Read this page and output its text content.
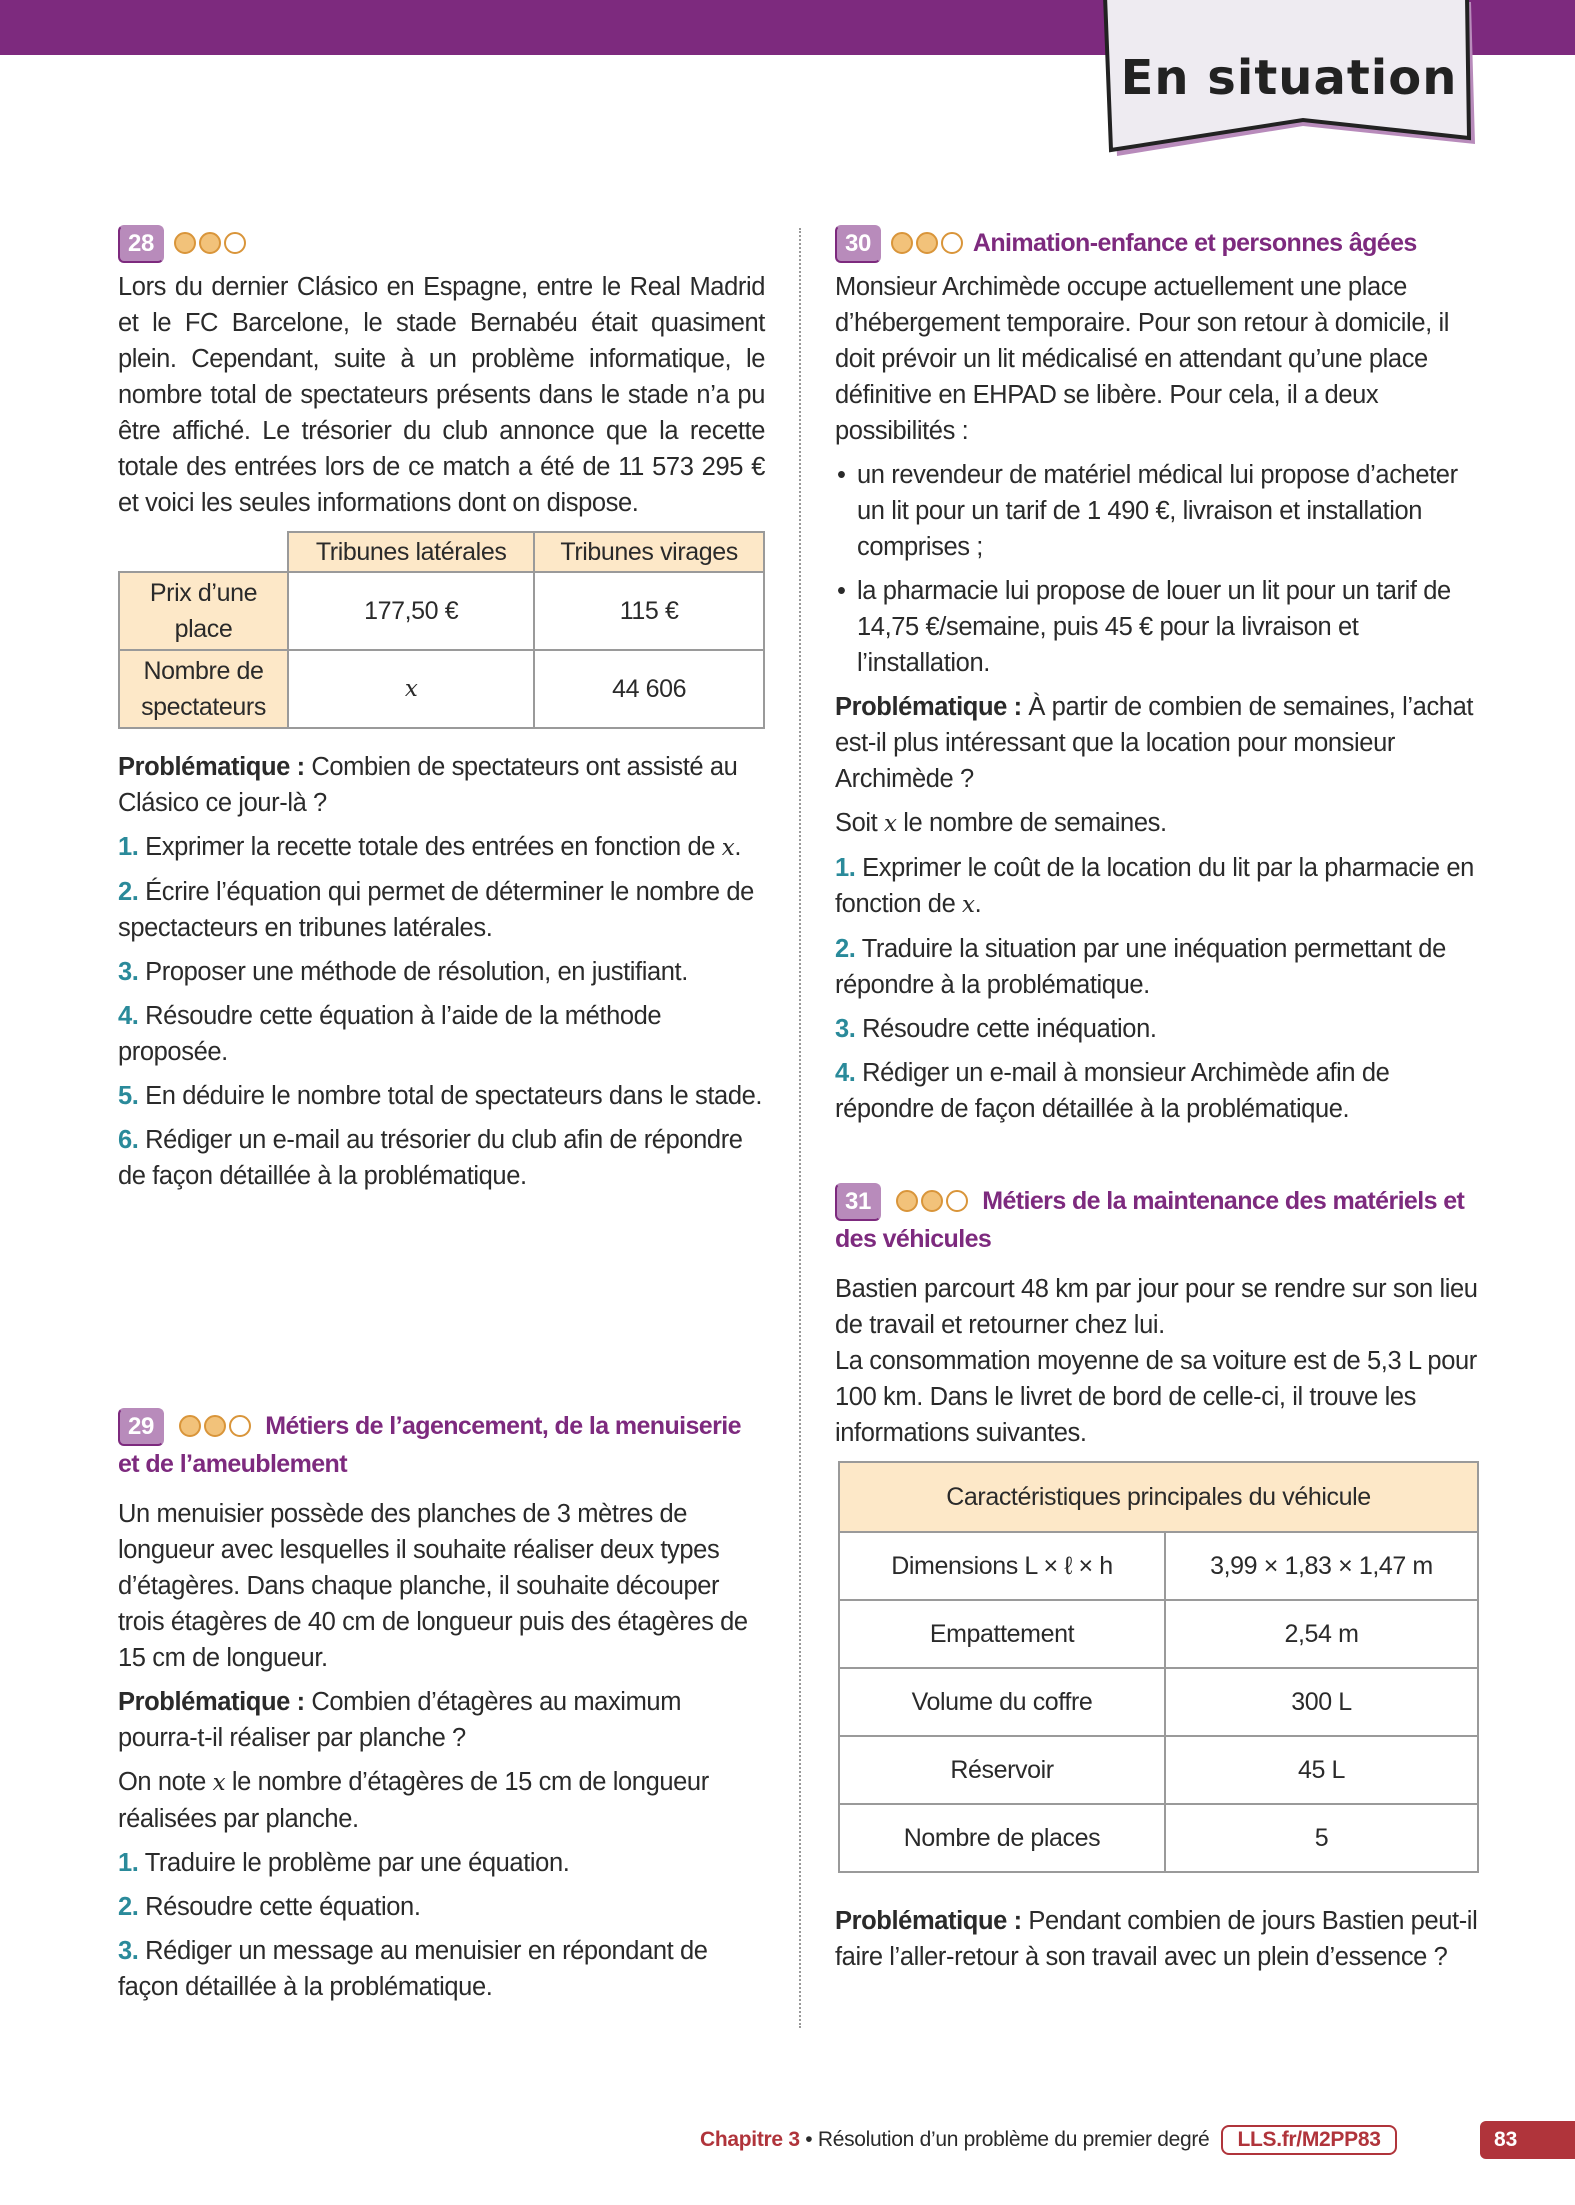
En situation
28

Lors du dernier Clásico en Espagne, entre le Real Madrid et le FC Barcelone, le stade Bernabéu était quasiment plein. Cependant, suite à un problème informatique, le nombre total de spectateurs présents dans le stade n’a pu être affiché. Le trésorier du club annonce que la recette totale des entrées lors de ce match a été de 11 573 295 € et voici les seules informations dont on dispose.

	Tribunes latérales	Tribunes virages
Prix d’une place	177,50 €	115 €
Nombre de spectateurs	x	44 606

Problématique : Combien de spectateurs ont assisté au Clásico ce jour-là ?

1. Exprimer la recette totale des entrées en fonction de x.
2. Écrire l’équation qui permet de déterminer le nombre de spectacteurs en tribunes latérales.
3. Proposer une méthode de résolution, en justifiant.
4. Résoudre cette équation à l’aide de la méthode proposée.
5. En déduire le nombre total de spectateurs dans le stade.
6. Rédiger un e-mail au trésorier du club afin de répondre de façon détaillée à la problématique.
29	Métiers de l’agencement, de la menuiserie et de l’ameublement

Un menuisier possède des planches de 3 mètres de longueur avec lesquelles il souhaite réaliser deux types d’étagères. Dans chaque planche, il souhaite découper trois étagères de 40 cm de longueur puis des étagères de 15 cm de longueur.

Problématique : Combien d’étagères au maximum pourra-t-il réaliser par planche ?

On note x le nombre d’étagères de 15 cm de longueur réalisées par planche.

1. Traduire le problème par une équation.
2. Résoudre cette équation.
3. Rédiger un message au menuisier en répondant de façon détaillée à la problématique.
30	Animation-enfance et personnes âgées

Monsieur Archimède occupe actuellement une place d’hébergement temporaire. Pour son retour à domicile, il doit prévoir un lit médicalisé en attendant qu’une place définitive en EHPAD se libère. Pour cela, il a deux possibilités :

• un revendeur de matériel médical lui propose d’acheter un lit pour un tarif de 1 490 €, livraison et installation comprises ;
• la pharmacie lui propose de louer un lit pour un tarif de 14,75 €/semaine, puis 45 € pour la livraison et l’installation.

Problématique : À partir de combien de semaines, l’achat est-il plus intéressant que la location pour monsieur Archimède ?

Soit x le nombre de semaines.

1. Exprimer le coût de la location du lit par la pharmacie en fonction de x.
2. Traduire la situation par une inéquation permettant de répondre à la problématique.
3. Résoudre cette inéquation.
4. Rédiger un e-mail à monsieur Archimède afin de répondre de façon détaillée à la problématique.
31	Métiers de la maintenance des matériels et des véhicules

Bastien parcourt 48 km par jour pour se rendre sur son lieu de travail et retourner chez lui.

La consommation moyenne de sa voiture est de 5,3 L pour 100 km. Dans le livret de bord de celle-ci, il trouve les informations suivantes.

Caractéristiques principales du véhicule	
Dimensions L × ℓ × h	3,99 × 1,83 × 1,47 m
Empattement	2,54 m
Volume du coffre	300 L
Réservoir	45 L
Nombre de places	5

Problématique : Pendant combien de jours Bastien peut-il faire l’aller-retour à son travail avec un plein d’essence ?

Chapitre 3 • Résolution d’un problème du premier degré	LLS.fr/M2PP83	83
